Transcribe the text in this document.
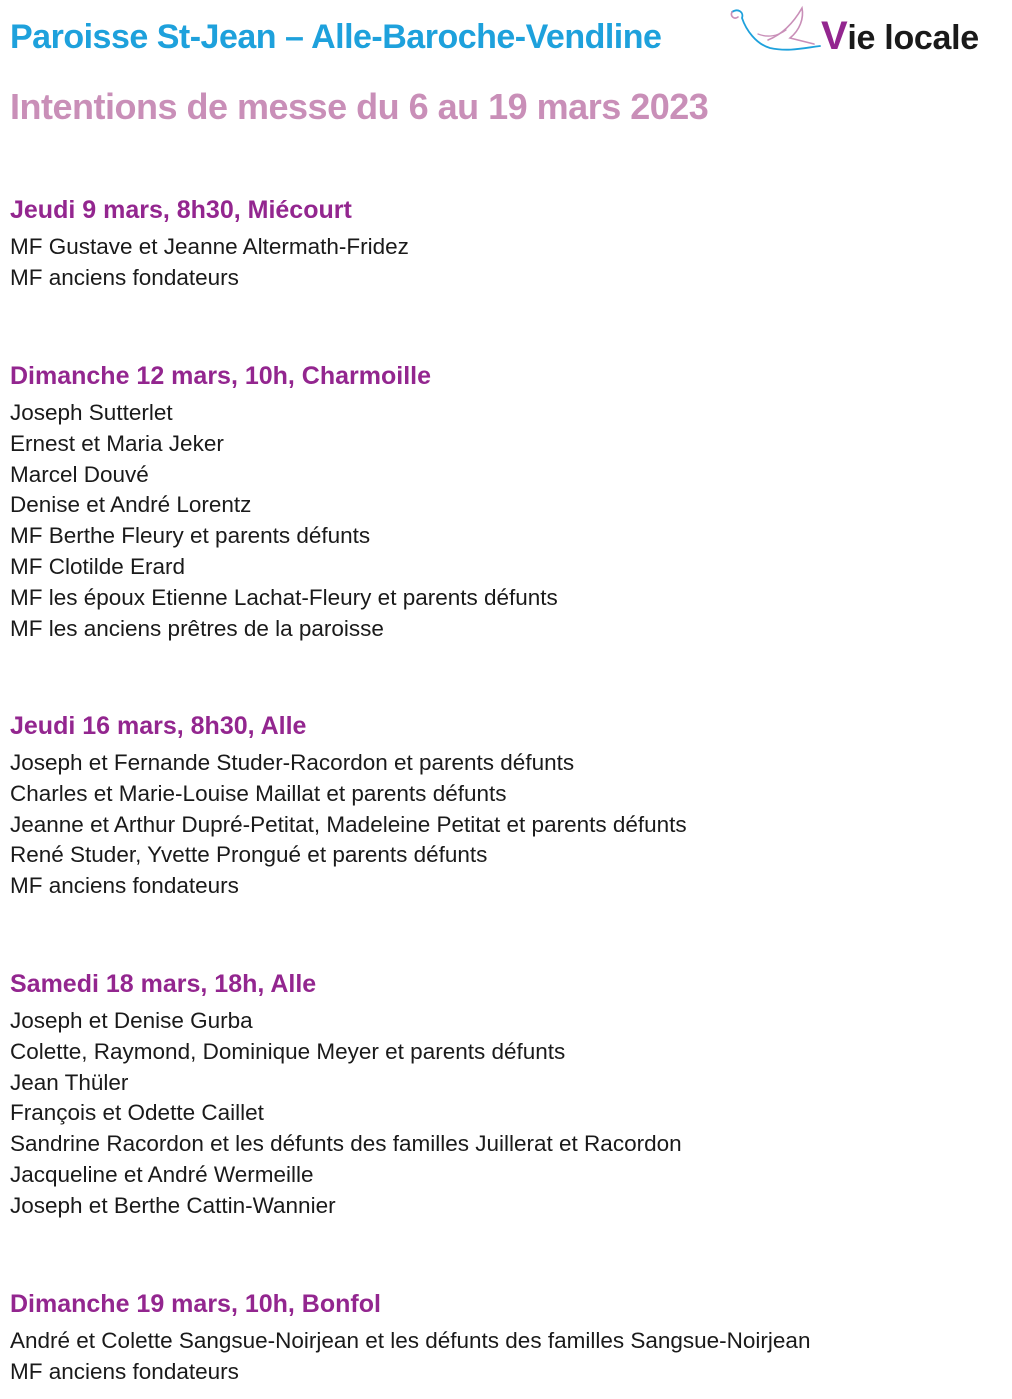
Paroisse St-Jean – Alle-Baroche-Vendline	Vie locale
Intentions de messe du 6 au 19 mars 2023
Jeudi 9 mars, 8h30, Miécourt
MF Gustave et Jeanne Altermath-Fridez
MF anciens fondateurs
Dimanche 12 mars, 10h, Charmoille
Joseph Sutterlet
Ernest et Maria Jeker
Marcel Douvé
Denise et André Lorentz
MF Berthe Fleury et parents défunts
MF Clotilde Erard
MF les époux Etienne Lachat-Fleury et parents défunts
MF les anciens prêtres de la paroisse
Jeudi 16 mars, 8h30, Alle
Joseph et Fernande Studer-Racordon et parents défunts
Charles et Marie-Louise Maillat et parents défunts
Jeanne et Arthur Dupré-Petitat, Madeleine Petitat et parents défunts
René Studer, Yvette Prongué et parents défunts
MF anciens fondateurs
Samedi 18 mars, 18h, Alle
Joseph et Denise Gurba
Colette, Raymond, Dominique Meyer et parents défunts
Jean Thüler
François et Odette Caillet
Sandrine Racordon et les défunts des familles Juillerat et Racordon
Jacqueline et André Wermeille
Joseph et Berthe Cattin-Wannier
Dimanche 19 mars, 10h, Bonfol
André et Colette Sangsue-Noirjean et les défunts des familles Sangsue-Noirjean
MF anciens fondateurs
